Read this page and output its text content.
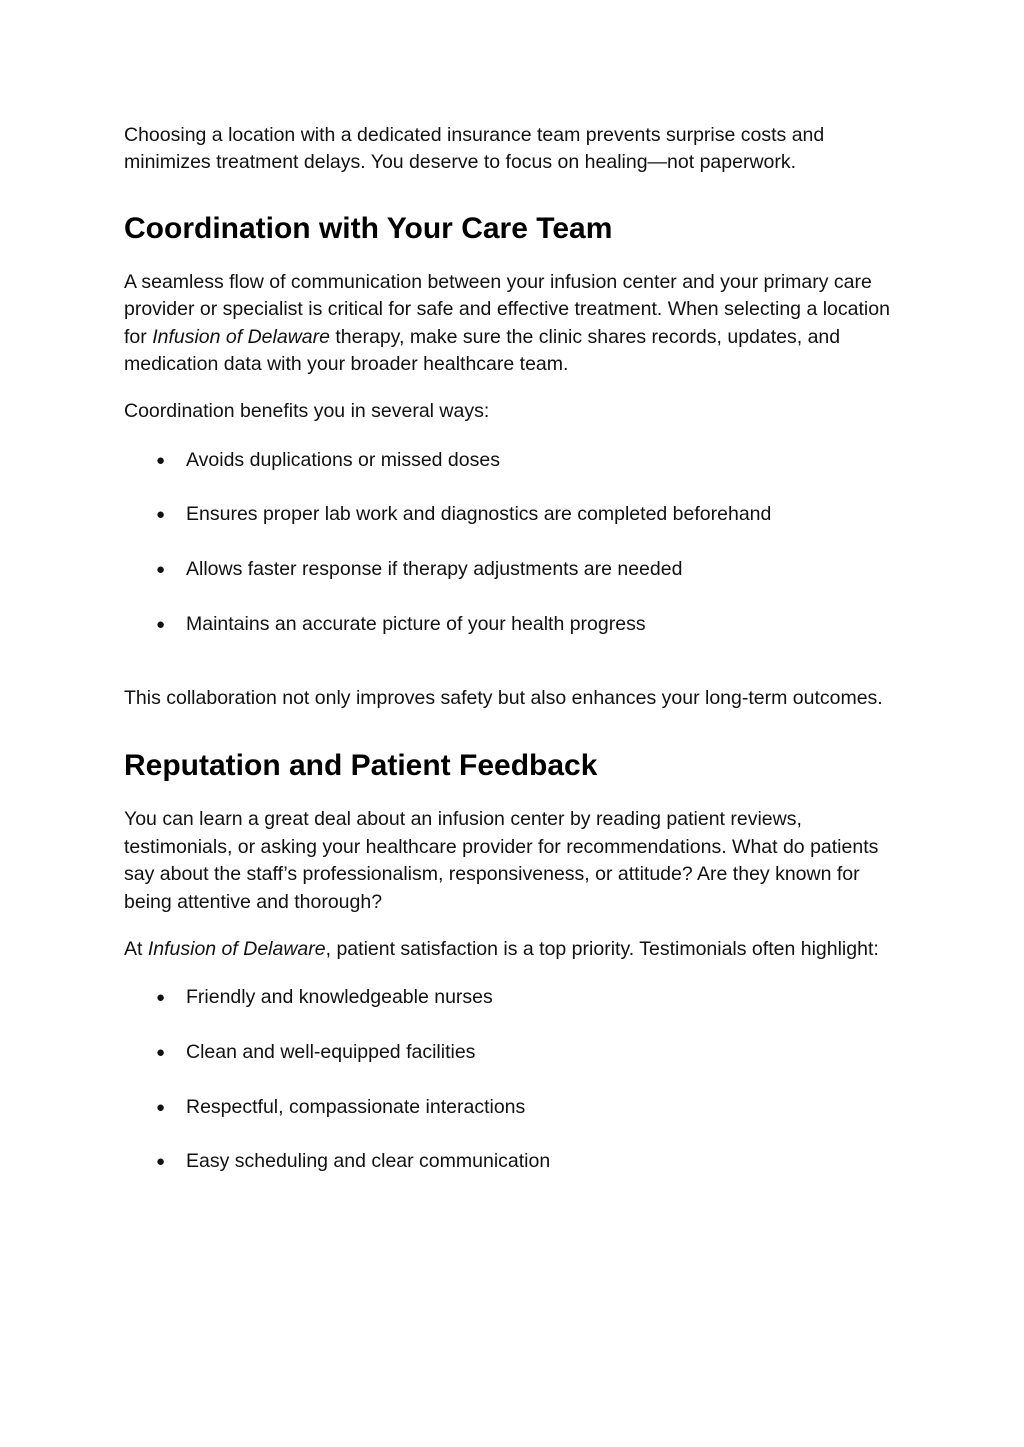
Choosing a location with a dedicated insurance team prevents surprise costs and minimizes treatment delays. You deserve to focus on healing—not paperwork.

Coordination with Your Care Team

A seamless flow of communication between your infusion center and your primary care provider or specialist is critical for safe and effective treatment. When selecting a location for Infusion of Delaware therapy, make sure the clinic shares records, updates, and medication data with your broader healthcare team.

Coordination benefits you in several ways:

● Avoids duplications or missed doses
● Ensures proper lab work and diagnostics are completed beforehand
● Allows faster response if therapy adjustments are needed
● Maintains an accurate picture of your health progress

This collaboration not only improves safety but also enhances your long-term outcomes.

Reputation and Patient Feedback

You can learn a great deal about an infusion center by reading patient reviews, testimonials, or asking your healthcare provider for recommendations. What do patients say about the staff’s professionalism, responsiveness, or attitude? Are they known for being attentive and thorough?

At Infusion of Delaware, patient satisfaction is a top priority. Testimonials often highlight:

● Friendly and knowledgeable nurses
● Clean and well-equipped facilities
● Respectful, compassionate interactions
● Easy scheduling and clear communication
